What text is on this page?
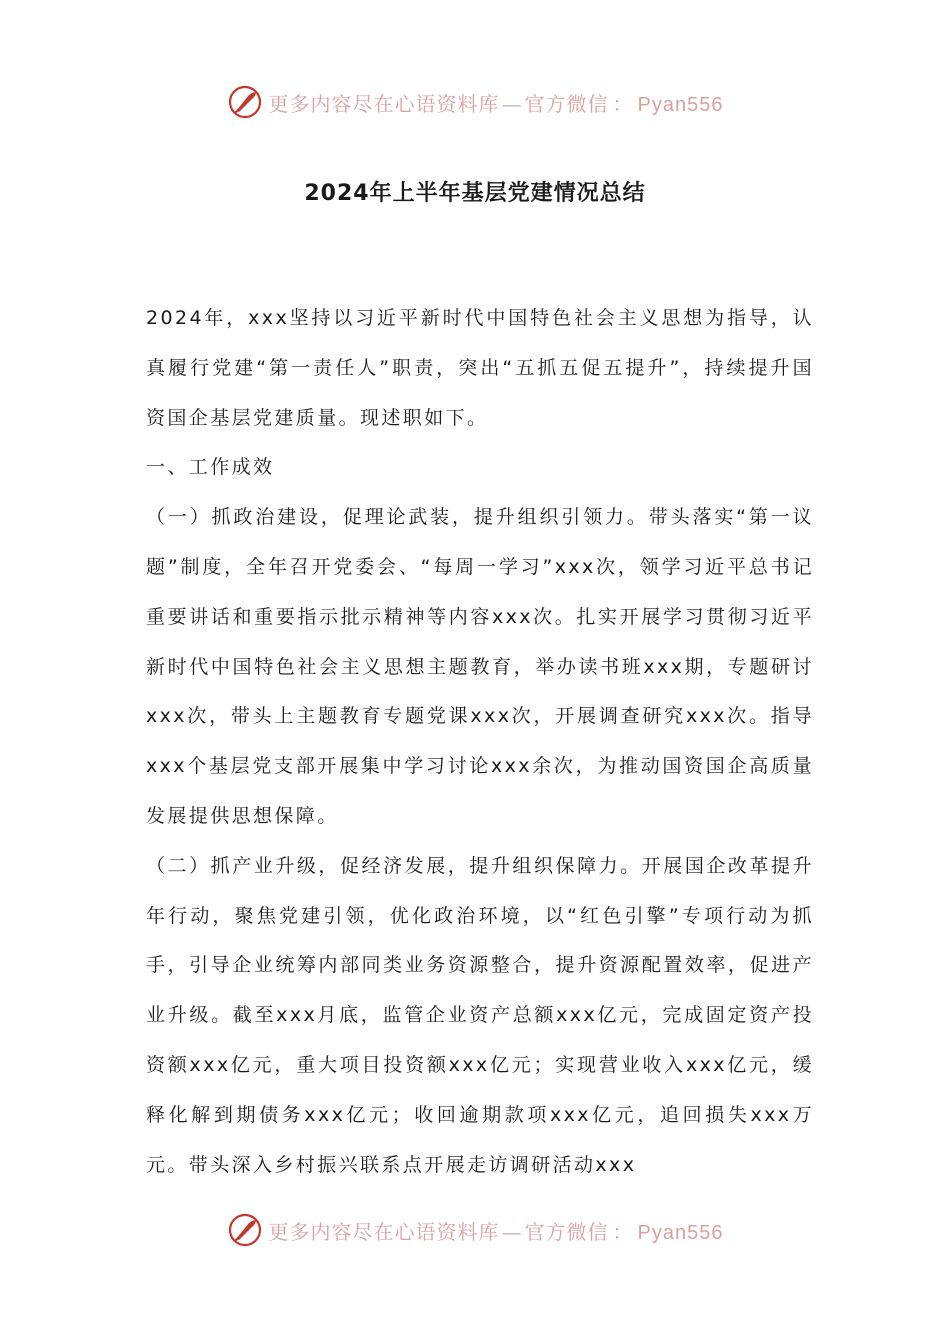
更多内容尽在心语资料库 — 官方微信 ： Pyan556
2024年上半年基层党建情况总结

2024年，xxx坚持以习近平新时代中国特色社会主义思想为指导，认真履行党建“第一责任人”职责，突出“五抓五促五提升”，持续提升国资国企基层党建质量。现述职如下。

一、工作成效

（一）抓政治建设，促理论武装，提升组织引领力。带头落实“第一议题”制度，全年召开党委会、“每周一学习”xxx次，领学习近平总书记重要讲话和重要指示批示精神等内容xxx次。扎实开展学习贯彻习近平新时代中国特色社会主义思想主题教育，举办读书班xxx期，专题研讨xxx次，带头上主题教育专题党课xxx次，开展调查研究xxx次。指导xxx个基层党支部开展集中学习讨论xxx余次，为推动国资国企高质量发展提供思想保障。

（二）抓产业升级，促经济发展，提升组织保障力。开展国企改革提升年行动，聚焦党建引领，优化政治环境，以“红色引擎”专项行动为抓手，引导企业统筹内部同类业务资源整合，提升资源配置效率，促进产业升级。截至xxx月底，监管企业资产总额xxx亿元，完成固定资产投资额xxx亿元，重大项目投资额xxx亿元；实现营业收入xxx亿元，缓释化解到期债务xxx亿元；收回逾期款项xxx亿元，追回损失xxx万元。带头深入乡村振兴联系点开展走访调研活动xxx

更多内容尽在心语资料库 — 官方微信 ： Pyan556
